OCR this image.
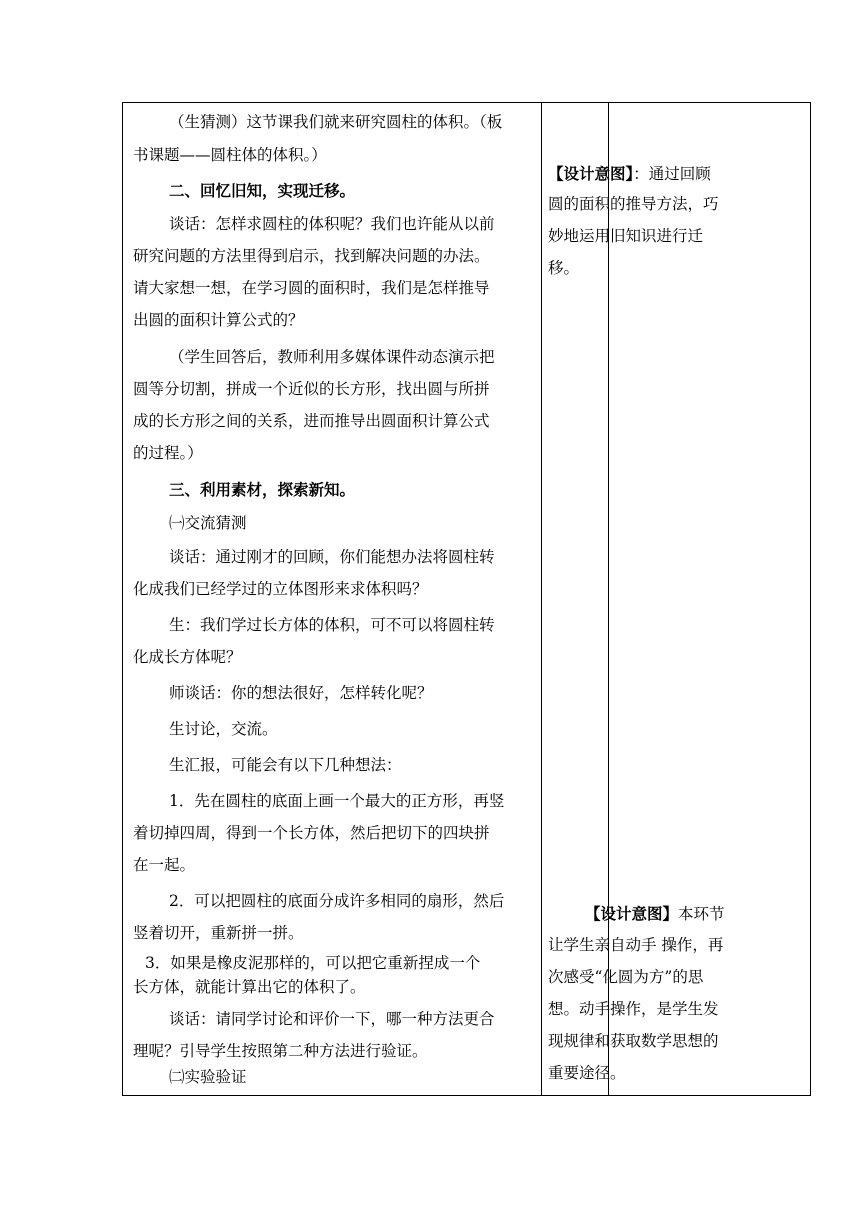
（生猜测）这节课我们就来研究圆柱的体积。（板
书课题——圆柱体的体积。）
二、回忆旧知，实现迁移。
谈话：怎样求圆柱的体积呢？我们也许能从以前
研究问题的方法里得到启示，找到解决问题的办法。
请大家想一想，在学习圆的面积时，我们是怎样推导
出圆的面积计算公式的？
（学生回答后，教师利用多媒体课件动态演示把
圆等分切割，拼成一个近似的长方形，找出圆与所拼
成的长方形之间的关系，进而推导出圆面积计算公式
的过程。）
三、利用素材，探索新知。
㈠交流猜测
谈话：通过刚才的回顾，你们能想办法将圆柱转
化成我们已经学过的立体图形来求体积吗？
生：我们学过长方体的体积，可不可以将圆柱转
化成长方体呢？
师谈话：你的想法很好，怎样转化呢？
生讨论，交流。
生汇报，可能会有以下几种想法：
1．先在圆柱的底面上画一个最大的正方形，再竖
着切掉四周，得到一个长方体，然后把切下的四块拼
在一起。
2．可以把圆柱的底面分成许多相同的扇形，然后
竖着切开，重新拼一拼。
3．如果是橡皮泥那样的，可以把它重新捏成一个
长方体，就能计算出它的体积了。
谈话：请同学讨论和评价一下，哪一种方法更合
理呢？引导学生按照第二种方法进行验证。
㈡实验验证
【设计意图】：通过回顾
圆的面积的推导方法，巧
妙地运用旧知识进行迁
移。
【设计意图】本环节
让学生亲自动手 操作，再
次感受“化圆为方”的思
想。动手操作，是学生发
现规律和获取数学思想的
重要途径。
